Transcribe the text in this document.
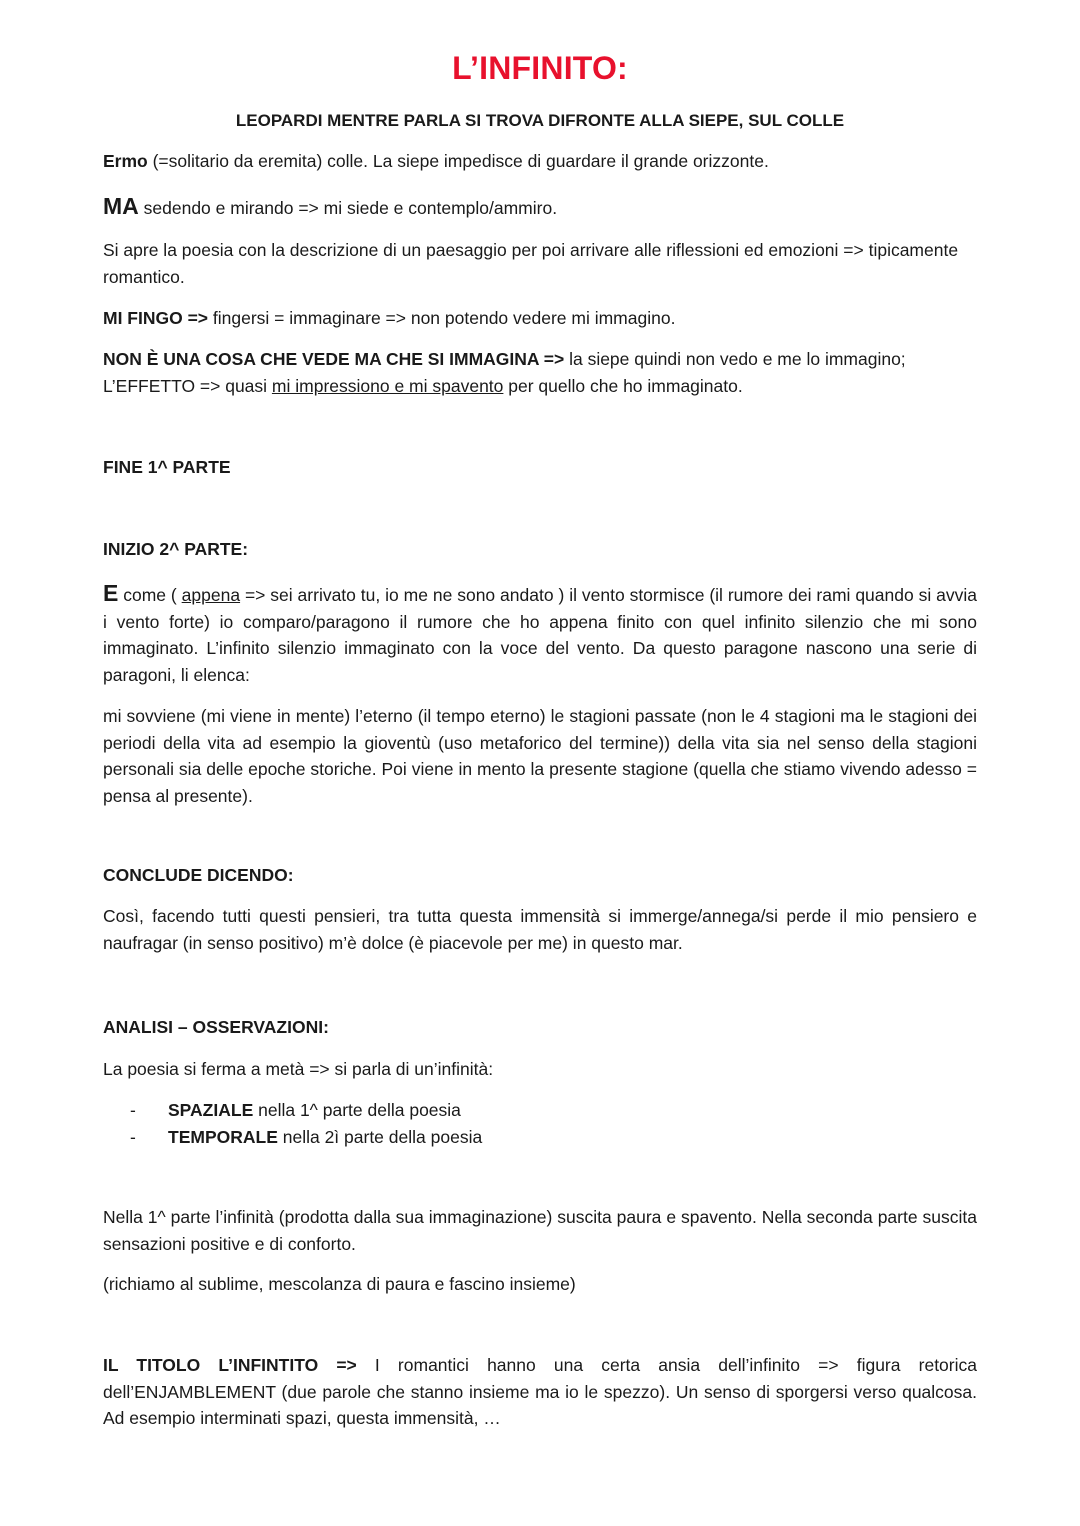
L’INFINITO:
LEOPARDI MENTRE PARLA SI TROVA DIFRONTE ALLA SIEPE, SUL COLLE

Ermo (=solitario da eremita) colle. La siepe impedisce di guardare il grande orizzonte.

MA sedendo e mirando => mi siede e contemplo/ammiro.

Si apre la poesia con la descrizione di un paesaggio per poi arrivare alle riflessioni ed emozioni => tipicamente romantico.

MI FINGO => fingersi = immaginare => non potendo vedere mi immagino.

NON È UNA COSA CHE VEDE MA CHE SI IMMAGINA => la siepe quindi non vedo e me lo immagino; L’EFFETTO => quasi mi impressiono e mi spavento per quello che ho immaginato.

FINE 1^ PARTE

INIZIO 2^ PARTE:

E come ( appena => sei arrivato tu, io me ne sono andato ) il vento stormisce (il rumore dei rami quando si avvia i vento forte) io comparo/paragono il rumore che ho appena finito con quel infinito silenzio che mi sono immaginato. L’infinito silenzio immaginato con la voce del vento. Da questo paragone nascono una serie di paragoni, li elenca:

mi sovviene (mi viene in mente) l’eterno (il tempo eterno) le stagioni passate (non le 4 stagioni ma le stagioni dei periodi della vita ad esempio la gioventù (uso metaforico del termine)) della vita sia nel senso della stagioni personali sia delle epoche storiche. Poi viene in mento la presente stagione (quella che stiamo vivendo adesso = pensa al presente).

CONCLUDE DICENDO:

Così, facendo tutti questi pensieri, tra tutta questa immensità si immerge/annega/si perde il mio pensiero e naufragar (in senso positivo) m’è dolce (è piacevole per me) in questo mar.

ANALISI – OSSERVAZIONI:

La poesia si ferma a metà => si parla di un’infinità:

-	SPAZIALE nella 1^ parte della poesia
-	TEMPORALE nella 2ì parte della poesia

Nella 1^ parte l’infinità (prodotta dalla sua immaginazione) suscita paura e spavento. Nella seconda parte suscita sensazioni positive e di conforto.

(richiamo al sublime, mescolanza di paura e fascino insieme)

IL TITOLO L’INFINTITO => I romantici hanno una certa ansia dell’infinito => figura retorica dell’ENJAMBLEMENT (due parole che stanno insieme ma io le spezzo). Un senso di sporgersi verso qualcosa. Ad esempio interminati spazi, questa immensità, …
